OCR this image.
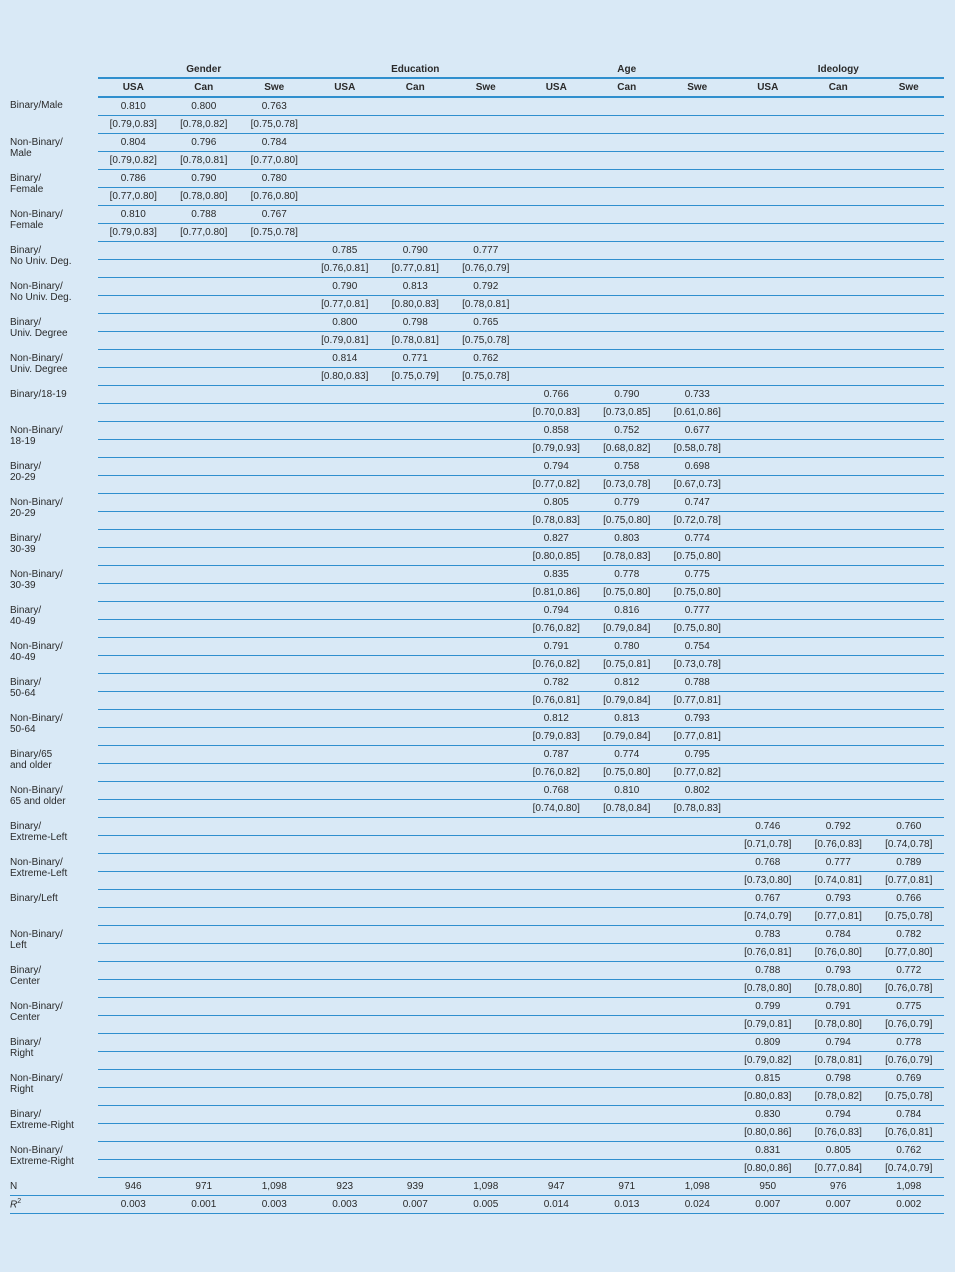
	Gender			Education			Age			Ideology		
	USA	Can	Swe	USA	Can	Swe	USA	Can	Swe	USA	Can	Swe

Binary/Male	0.810	0.800	0.763									
	[0.79,0.83]	[0.78,0.82]	[0.75,0.78]									

Non-Binary/
Male	0.804	0.796	0.784									
	[0.79,0.82]	[0.78,0.81]	[0.77,0.80]									

Binary/
Female	0.786	0.790	0.780									
	[0.77,0.80]	[0.78,0.80]	[0.76,0.80]									

Non-Binary/
Female	0.810	0.788	0.767									
	[0.79,0.83]	[0.77,0.80]	[0.75,0.78]									

Binary/
No Univ. Deg.				0.785	0.790	0.777						
				[0.76,0.81]	[0.77,0.81]	[0.76,0.79]						

Non-Binary/
No Univ. Deg.				0.790	0.813	0.792						
				[0.77,0.81]	[0.80,0.83]	[0.78,0.81]						

Binary/
Univ. Degree				0.800	0.798	0.765						
				[0.79,0.81]	[0.78,0.81]	[0.75,0.78]						

Non-Binary/
Univ. Degree				0.814	0.771	0.762						
				[0.80,0.83]	[0.75,0.79]	[0.75,0.78]						

Binary/18-19							0.766	0.790	0.733			
							[0.70,0.83]	[0.73,0.85]	[0.61,0.86]			

Non-Binary/
18-19							0.858	0.752	0.677			
							[0.79,0.93]	[0.68,0.82]	[0.58,0.78]			

Binary/
20-29							0.794	0.758	0.698			
							[0.77,0.82]	[0.73,0.78]	[0.67,0.73]			

Non-Binary/
20-29							0.805	0.779	0.747			
							[0.78,0.83]	[0.75,0.80]	[0.72,0.78]			

Binary/
30-39							0.827	0.803	0.774			
							[0.80,0.85]	[0.78,0.83]	[0.75,0.80]			

Non-Binary/
30-39							0.835	0.778	0.775			
							[0.81,0.86]	[0.75,0.80]	[0.75,0.80]			

Binary/
40-49							0.794	0.816	0.777			
							[0.76,0.82]	[0.79,0.84]	[0.75,0.80]			

Non-Binary/
40-49							0.791	0.780	0.754			
							[0.76,0.82]	[0.75,0.81]	[0.73,0.78]			

Binary/
50-64							0.782	0.812	0.788			
							[0.76,0.81]	[0.79,0.84]	[0.77,0.81]			

Non-Binary/
50-64							0.812	0.813	0.793			
							[0.79,0.83]	[0.79,0.84]	[0.77,0.81]			

Binary/65
and older							0.787	0.774	0.795			
							[0.76,0.82]	[0.75,0.80]	[0.77,0.82]			

Non-Binary/
65 and older							0.768	0.810	0.802			
							[0.74,0.80]	[0.78,0.84]	[0.78,0.83]			

Binary/
Extreme-Left										0.746	0.792	0.760
										[0.71,0.78]	[0.76,0.83]	[0.74,0.78]

Non-Binary/
Extreme-Left										0.768	0.777	0.789
										[0.73,0.80]	[0.74,0.81]	[0.77,0.81]

Binary/Left										0.767	0.793	0.766
										[0.74,0.79]	[0.77,0.81]	[0.75,0.78]

Non-Binary/
Left										0.783	0.784	0.782
										[0.76,0.81]	[0.76,0.80]	[0.77,0.80]

Binary/
Center										0.788	0.793	0.772
										[0.78,0.80]	[0.78,0.80]	[0.76,0.78]

Non-Binary/
Center										0.799	0.791	0.775
										[0.79,0.81]	[0.78,0.80]	[0.76,0.79]

Binary/
Right										0.809	0.794	0.778
										[0.79,0.82]	[0.78,0.81]	[0.76,0.79]

Non-Binary/
Right										0.815	0.798	0.769
										[0.80,0.83]	[0.78,0.82]	[0.75,0.78]

Binary/
Extreme-Right										0.830	0.794	0.784
										[0.80,0.86]	[0.76,0.83]	[0.76,0.81]

Non-Binary/
Extreme-Right										0.831	0.805	0.762
										[0.80,0.86]	[0.77,0.84]	[0.74,0.79]
N	946	971	1,098	923	939	1,098	947	971	1,098	950	976	1,098
$R^2$	0.003	0.001	0.003	0.003	0.007	0.005	0.014	0.013	0.024	0.007	0.007	0.002
